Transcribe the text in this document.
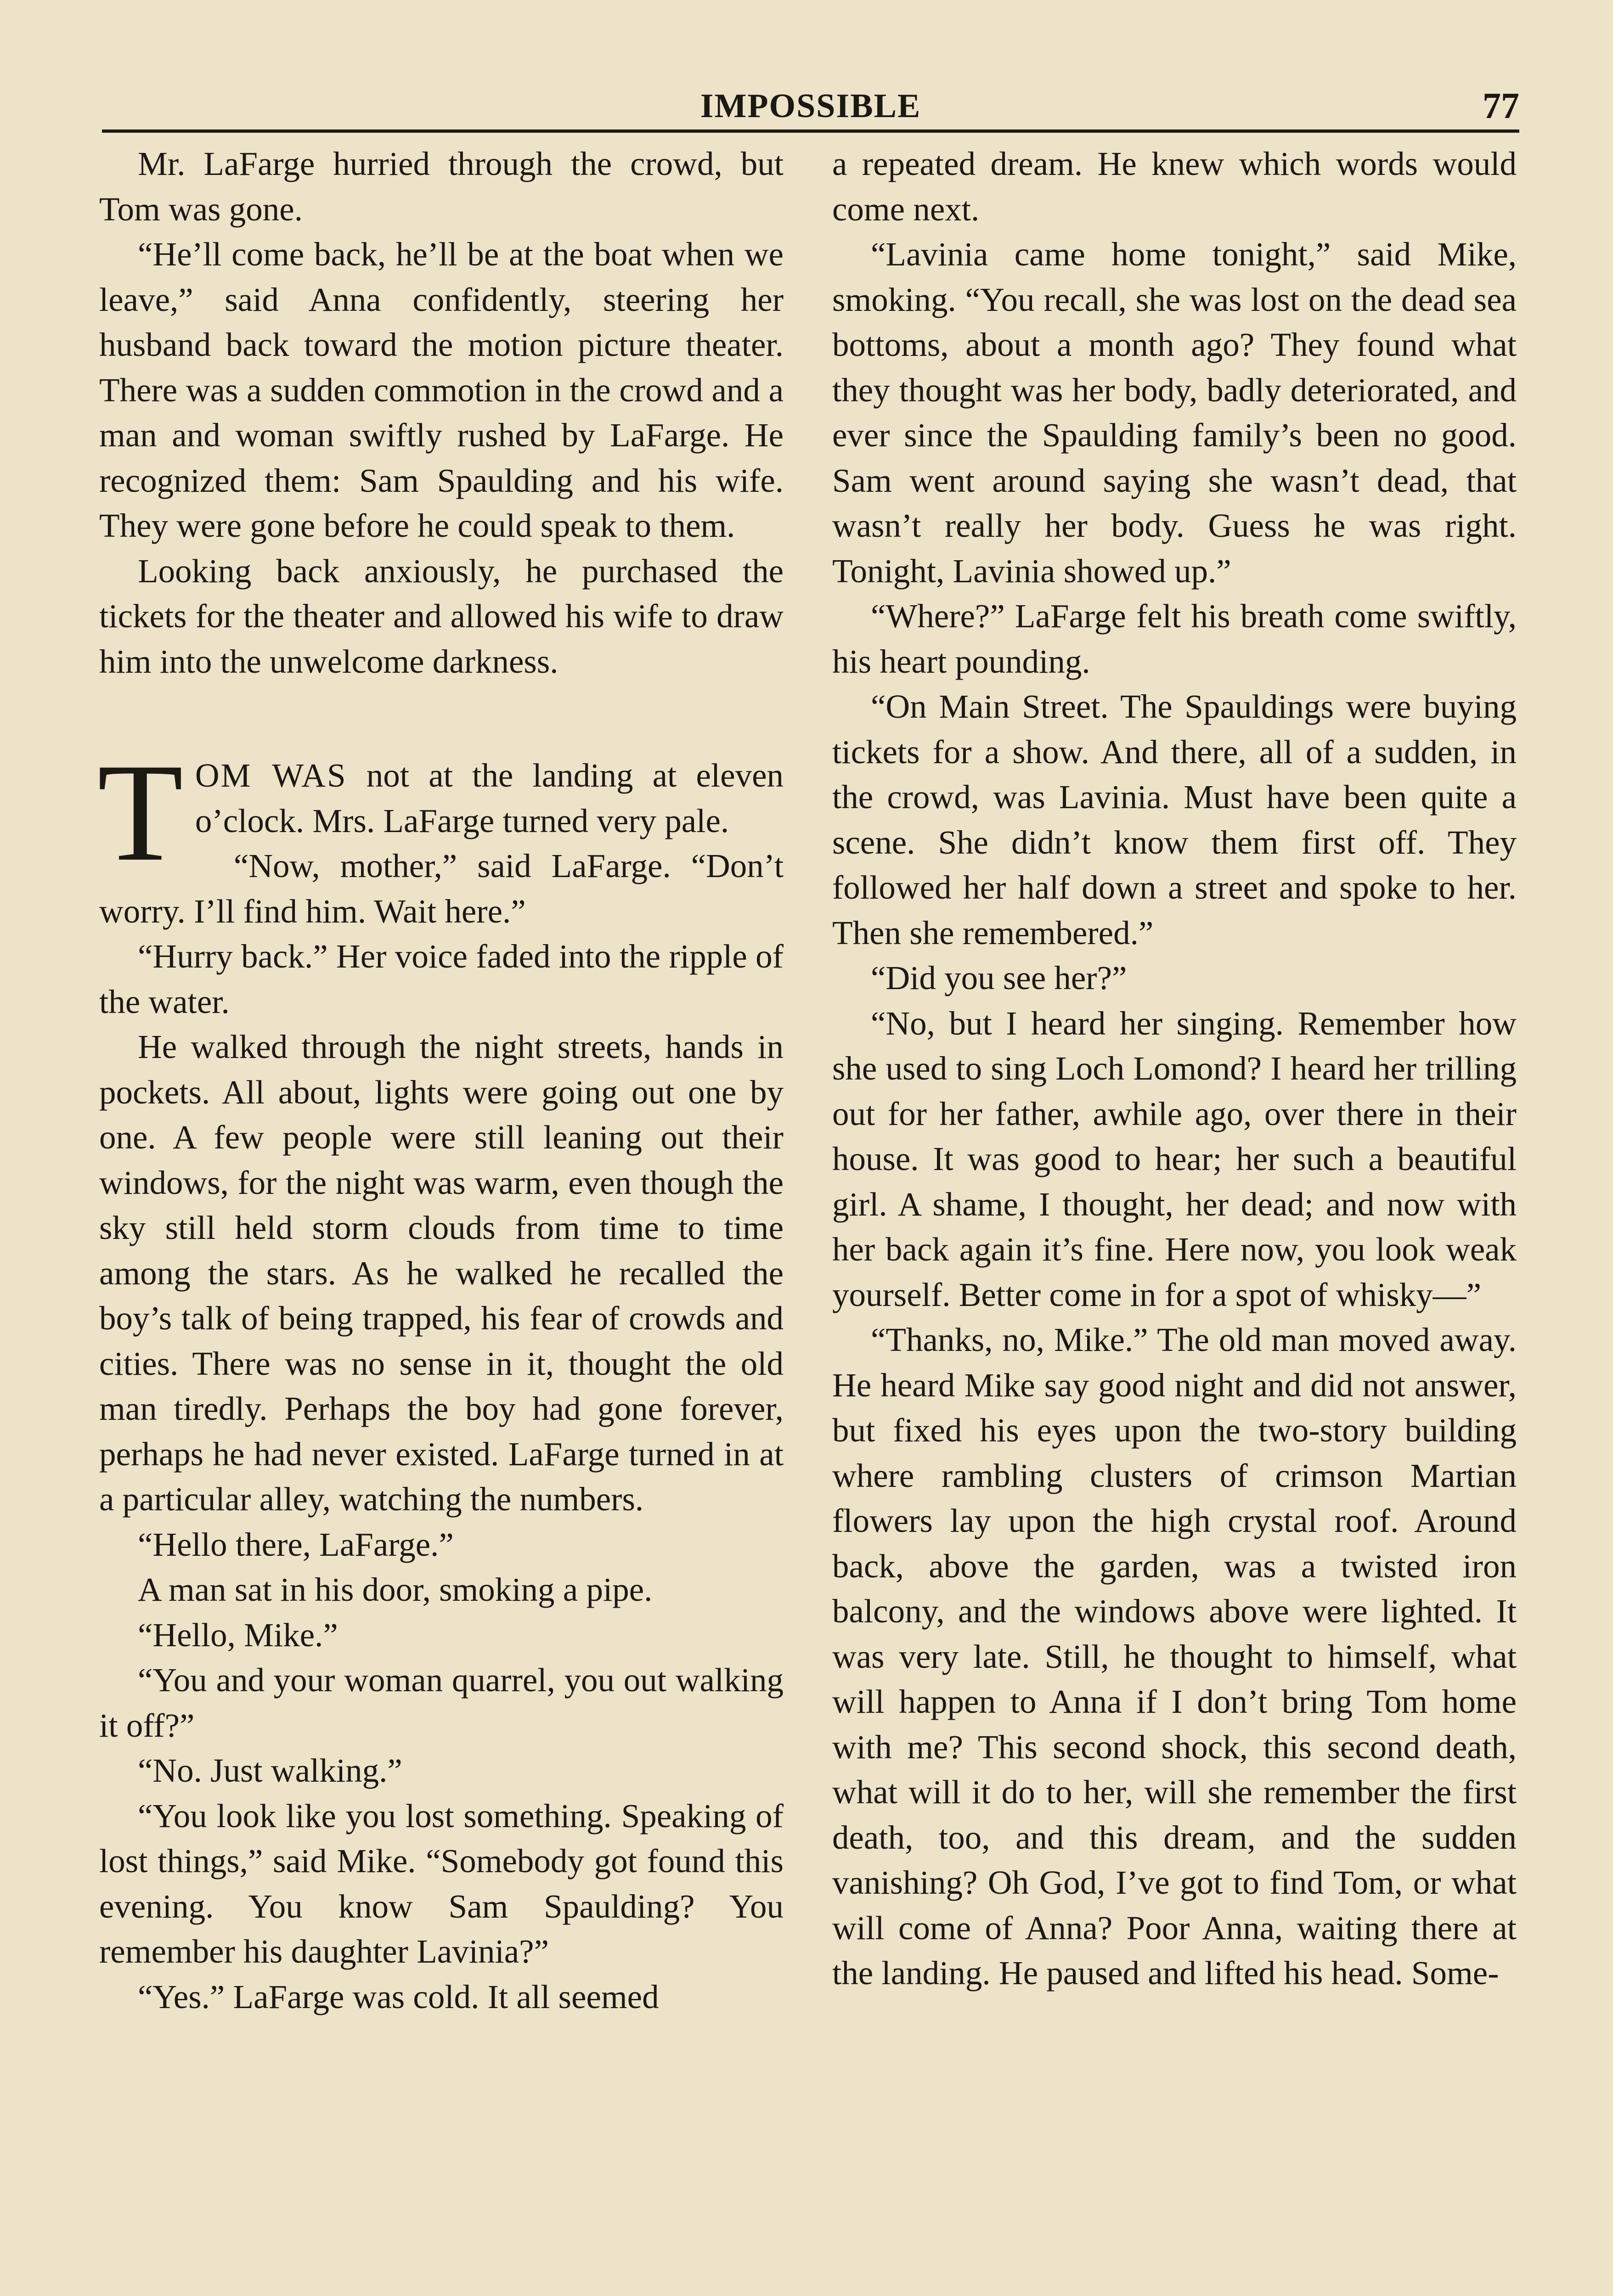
IMPOSSIBLE	77

Mr. LaFarge hurried through the crowd, but Tom was gone.

“He’ll come back, he’ll be at the boat when we leave,” said Anna confidently, steering her husband back toward the motion picture theater. There was a sudden commotion in the crowd and a man and woman swiftly rushed by LaFarge. He recognized them: Sam Spaulding and his wife. They were gone before he could speak to them.

Looking back anxiously, he purchased the tickets for the theater and allowed his wife to draw him into the unwelcome darkness.

TOM WAS not at the landing at eleven o’clock. Mrs. LaFarge turned very pale.

“Now, mother,” said LaFarge. “Don’t worry. I’ll find him. Wait here.”

“Hurry back.” Her voice faded into the ripple of the water.

He walked through the night streets, hands in pockets. All about, lights were going out one by one. A few people were still leaning out their windows, for the night was warm, even though the sky still held storm clouds from time to time among the stars. As he walked he recalled the boy’s talk of being trapped, his fear of crowds and cities. There was no sense in it, thought the old man tiredly. Perhaps the boy had gone forever, perhaps he had never existed. LaFarge turned in at a particular alley, watching the numbers.

“Hello there, LaFarge.”

A man sat in his door, smoking a pipe.

“Hello, Mike.”

“You and your woman quarrel, you out walking it off?”

“No. Just walking.”

“You look like you lost something. Speaking of lost things,” said Mike. “Somebody got found this evening. You know Sam Spaulding? You remember his daughter Lavinia?”

“Yes.” LaFarge was cold. It all seemed

a repeated dream. He knew which words would come next.

“Lavinia came home tonight,” said Mike, smoking. “You recall, she was lost on the dead sea bottoms, about a month ago? They found what they thought was her body, badly deteriorated, and ever since the Spaulding family’s been no good. Sam went around saying she wasn’t dead, that wasn’t really her body. Guess he was right. Tonight, Lavinia showed up.”

“Where?” LaFarge felt his breath come swiftly, his heart pounding.

“On Main Street. The Spauldings were buying tickets for a show. And there, all of a sudden, in the crowd, was Lavinia. Must have been quite a scene. She didn’t know them first off. They followed her half down a street and spoke to her. Then she remembered.”

“Did you see her?”

“No, but I heard her singing. Remember how she used to sing Loch Lomond? I heard her trilling out for her father, awhile ago, over there in their house. It was good to hear; her such a beautiful girl. A shame, I thought, her dead; and now with her back again it’s fine. Here now, you look weak yourself. Better come in for a spot of whisky—”

“Thanks, no, Mike.” The old man moved away. He heard Mike say good night and did not answer, but fixed his eyes upon the two-story building where rambling clusters of crimson Martian flowers lay upon the high crystal roof. Around back, above the garden, was a twisted iron balcony, and the windows above were lighted. It was very late. Still, he thought to himself, what will happen to Anna if I don’t bring Tom home with me? This second shock, this second death, what will it do to her, will she remember the first death, too, and this dream, and the sudden vanishing? Oh God, I’ve got to find Tom, or what will come of Anna? Poor Anna, waiting there at the landing. He paused and lifted his head. Some-
